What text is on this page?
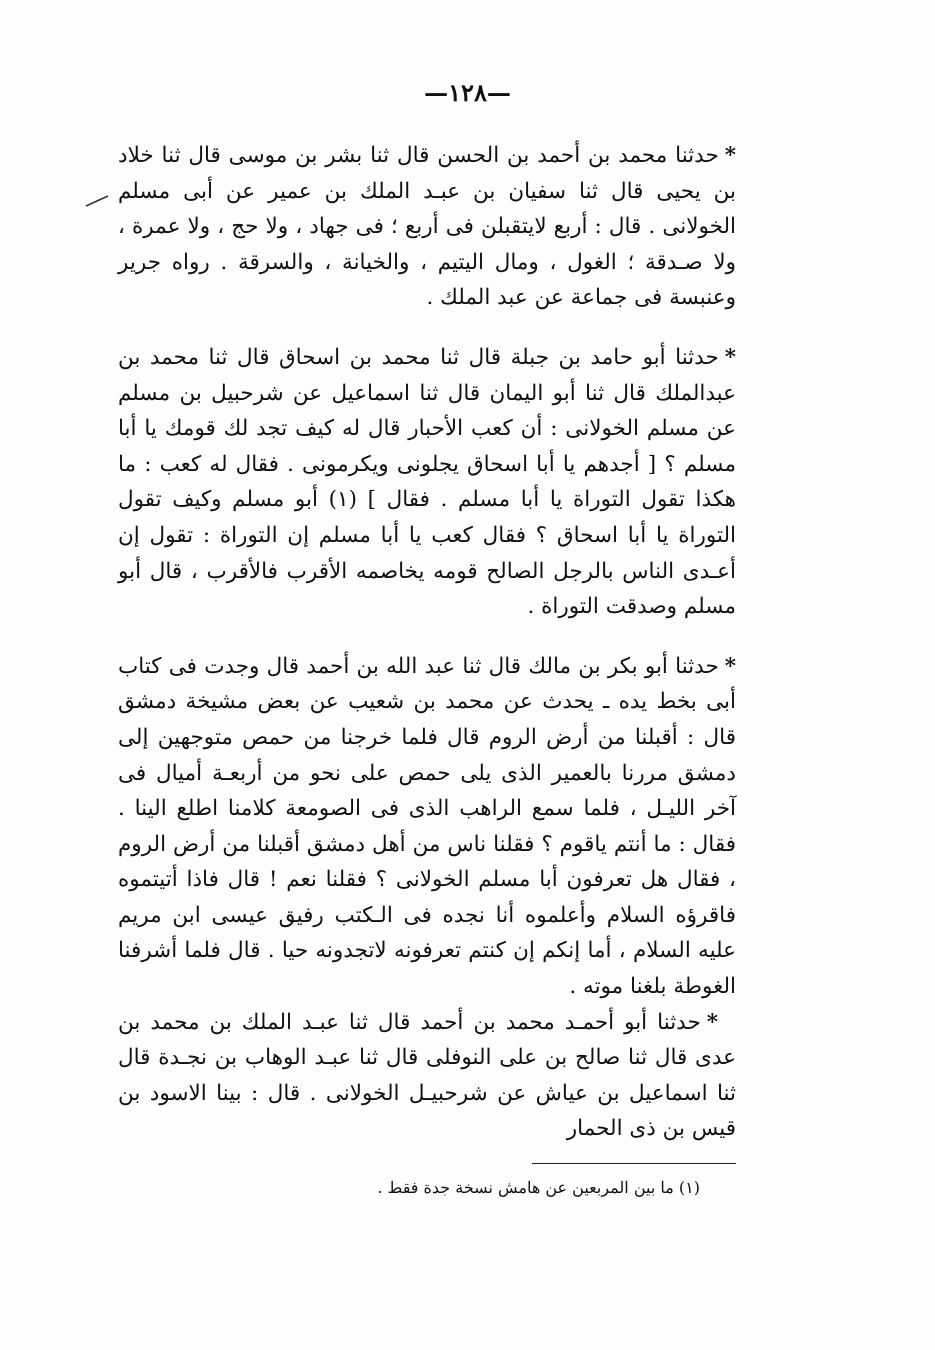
—١٢٨—

*حدثنا محمد بن أحمد بن الحسن قال ثنا بشر بن موسى قال ثنا خلاد بن يحيى قال ثنا سفيان بن عبـد الملك بن عمير عن أبى مسلم الخولانى . قال : أربع لايتقبلن فى أربع ؛ فى جهاد ، ولا حج ، ولا عمرة ، ولا صـدقة ؛ الغول ، ومال اليتيم ، والخيانة ، والسرقة . رواه جرير وعنبسة فى جماعة عن عبد الملك .

*حدثنا أبو حامد بن جبلة قال ثنا محمد بن اسحاق قال ثنا محمد بن عبدالملك قال ثنا أبو اليمان قال ثنا اسماعيل عن شرحبيل بن مسلم عن مسلم الخولانى : أن كعب الأحبار قال له كيف تجد لك قومك يا أبا مسلم ؟ [ أجدهم يا أبا اسحاق يجلونى ويكرمونى . فقال له كعب : ما هكذا تقول التوراة يا أبا مسلم . فقال ] (١) أبو مسلم وكيف تقول التوراة يا أبا اسحاق ؟ فقال كعب يا أبا مسلم إن التوراة : تقول إن أعـدى الناس بالرجل الصالح قومه يخاصمه الأقرب فالأقرب ، قال أبو مسلم وصدقت التوراة .

*حدثنا أبو بكر بن مالك قال ثنا عبد الله بن أحمد قال وجدت فى كتاب أبى بخط يده ـ يحدث عن محمد بن شعيب عن بعض مشيخة دمشق قال : أقبلنا من أرض الروم قال فلما خرجنا من حمص متوجهين إلى دمشق مررنا بالعمير الذى يلى حمص على نحو من أربعـة أميال فى آخر الليـل ، فلما سمع الراهب الذى فى الصومعة كلامنا اطلع الينا . فقال : ما أنتم ياقوم ؟ فقلنا ناس من أهل دمشق أقبلنا من أرض الروم ، فقال هل تعرفون أبا مسلم الخولانى ؟ فقلنا نعم ! قال فاذا أتيتموه فاقرؤه السلام وأعلموه أنا نجده فى الـكتب رفيق عيسى ابن مريم عليه السلام ، أما إنكم إن كنتم تعرفونه لاتجدونه حيا . قال فلما أشرفنا الغوطة بلغنا موته .

*حدثنا أبو أحمـد محمد بن أحمد قال ثنا عبـد الملك بن محمد بن عدى قال ثنا صالح بن على النوفلى قال ثنا عبـد الوهاب بن نجـدة قال ثنا اسماعيل بن عياش عن شرحبيـل الخولانى . قال : بينا الاسود بن قيس بن ذى الحمار

(١) ما بين المربعين عن هامش نسخة جدة فقط .
